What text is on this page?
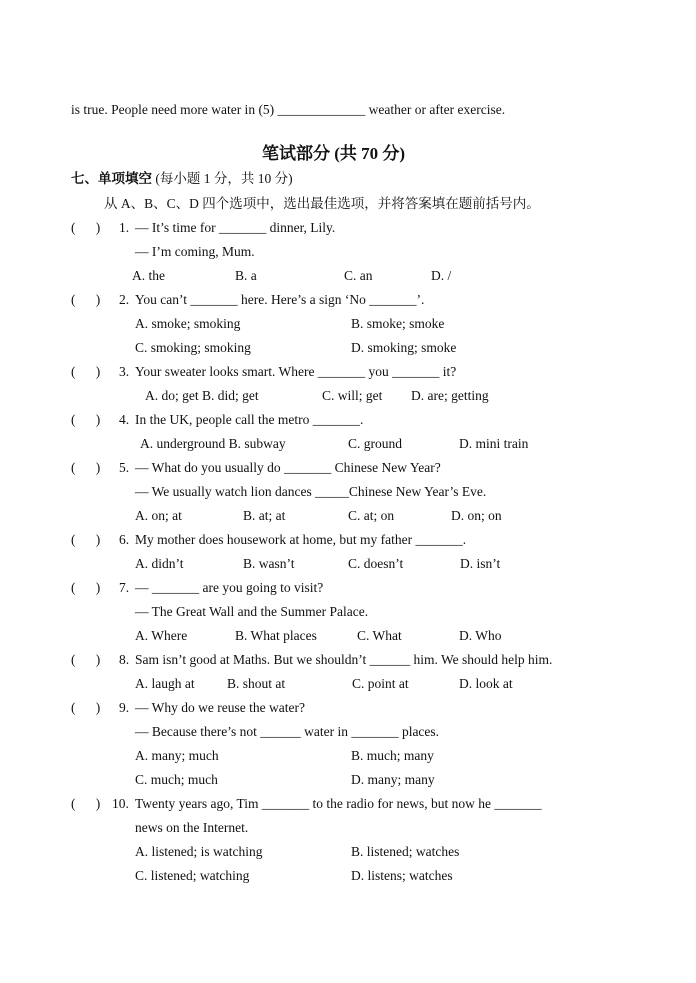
is true. People need more water in (5) _____________ weather or after exercise.
笔试部分 (共 70 分)
七、单项填空 (每小题 1 分，共 10 分)
从 A、B、C、D 四个选项中，选出最佳选项，并将答案填在题前括号内。
(      ) 1. — It’s time for _______ dinner, Lily.
— I’m coming, Mum.
A. the	B. a	C. an	D. /
(      ) 2. You can’t _______ here. Here’s a sign ‘No _______’.
A. smoke; smoking	B. smoke; smoke
C. smoking; smoking	D. smoking; smoke
(      ) 3. Your sweater looks smart. Where _______ you _______ it?
A. do; get B. did; get	C. will; get D. are; getting
(      ) 4. In the UK, people call the metro _______.
A. underground B. subway	C. ground	D. mini train
(      ) 5. — What do you usually do _______ Chinese New Year?
— We usually watch lion dances _____Chinese New Year’s Eve.
A. on; at	B. at; at	C. at; on	D. on; on
(      ) 6. My mother does housework at home, but my father _______.
A. didn’t	B. wasn’t	C. doesn’t	D. isn’t
(      ) 7. — _______ are you going to visit?
— The Great Wall and the Summer Palace.
A. Where	B. What places	C. What	D. Who
(      ) 8. Sam isn’t good at Maths. But we shouldn’t ______ him. We should help him.
A. laugh at B. shout at	C. point at	D. look at
(      ) 9. — Why do we reuse the water?
— Because there’s not ______ water in _______ places.
A. many; much	B. much; many
C. much; much	D. many; many
(      ) 10. Twenty years ago, Tim _______ to the radio for news, but now he _______
news on the Internet.
A. listened; is watching	B. listened; watches
C. listened; watching	D. listens; watches
